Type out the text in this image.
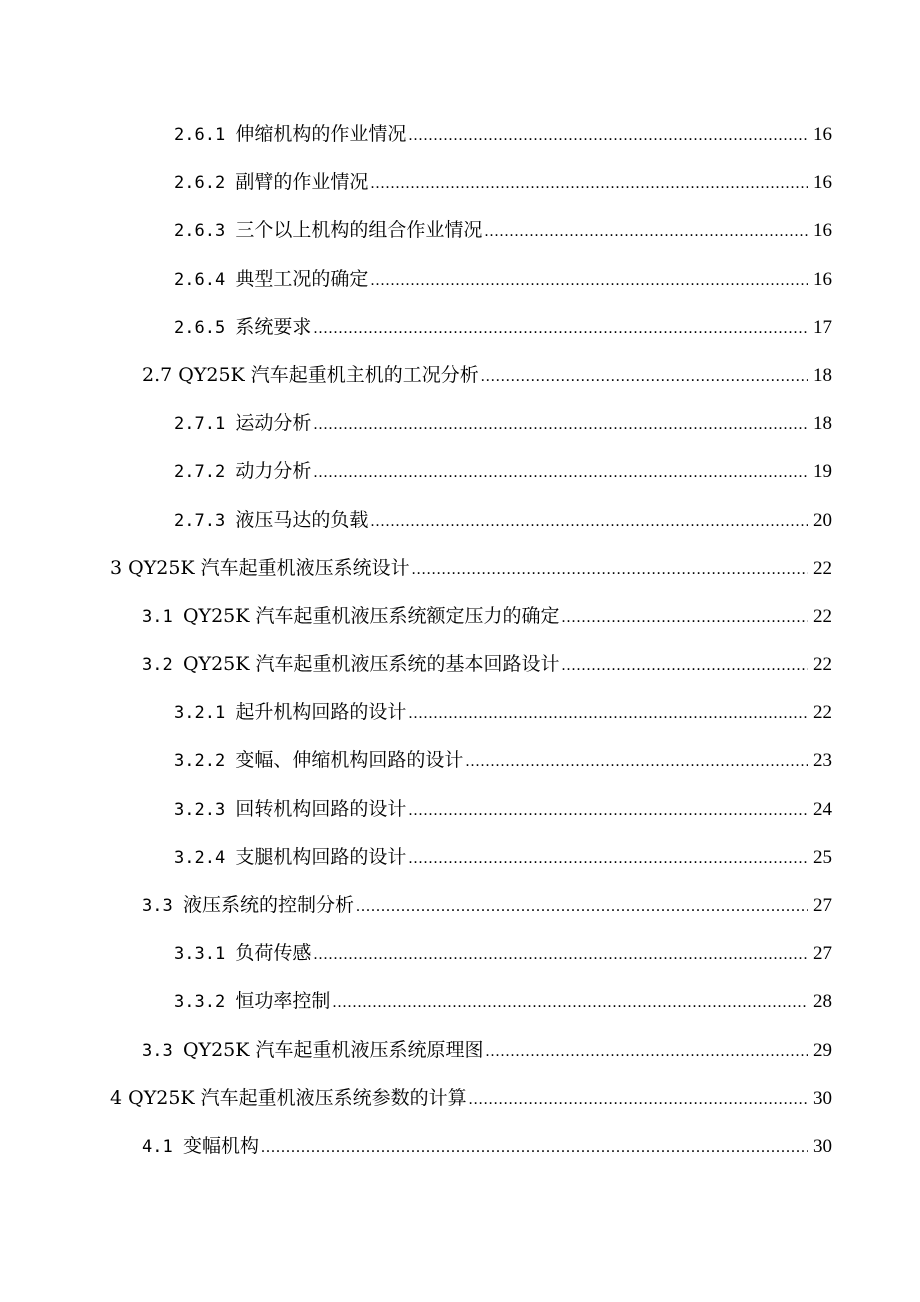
2.6.1 伸缩机构的作业情况 .....	16
2.6.2 副臂的作业情况 .....	16
2.6.3 三个以上机构的组合作业情况 .....	16
2.6.4 典型工况的确定 .....	16
2.6.5 系统要求 .....	17
2.7 QY25K 汽车起重机主机的工况分析 .....	18
2.7.1 运动分析 .....	18
2.7.2 动力分析 .....	19
2.7.3 液压马达的负载 .....	20
3 QY25K 汽车起重机液压系统设计 .....	22
3.1 QY25K 汽车起重机液压系统额定压力的确定 .....	22
3.2 QY25K 汽车起重机液压系统的基本回路设计 .....	22
3.2.1 起升机构回路的设计 .....	22
3.2.2 变幅、伸缩机构回路的设计 .....	23
3.2.3 回转机构回路的设计 .....	24
3.2.4 支腿机构回路的设计 .....	25
3.3 液压系统的控制分析 .....	27
3.3.1 负荷传感 .....	27
3.3.2 恒功率控制 .....	28
3.3 QY25K 汽车起重机液压系统原理图 .....	29
4 QY25K 汽车起重机液压系统参数的计算 .....	30
4.1 变幅机构 .....	30
